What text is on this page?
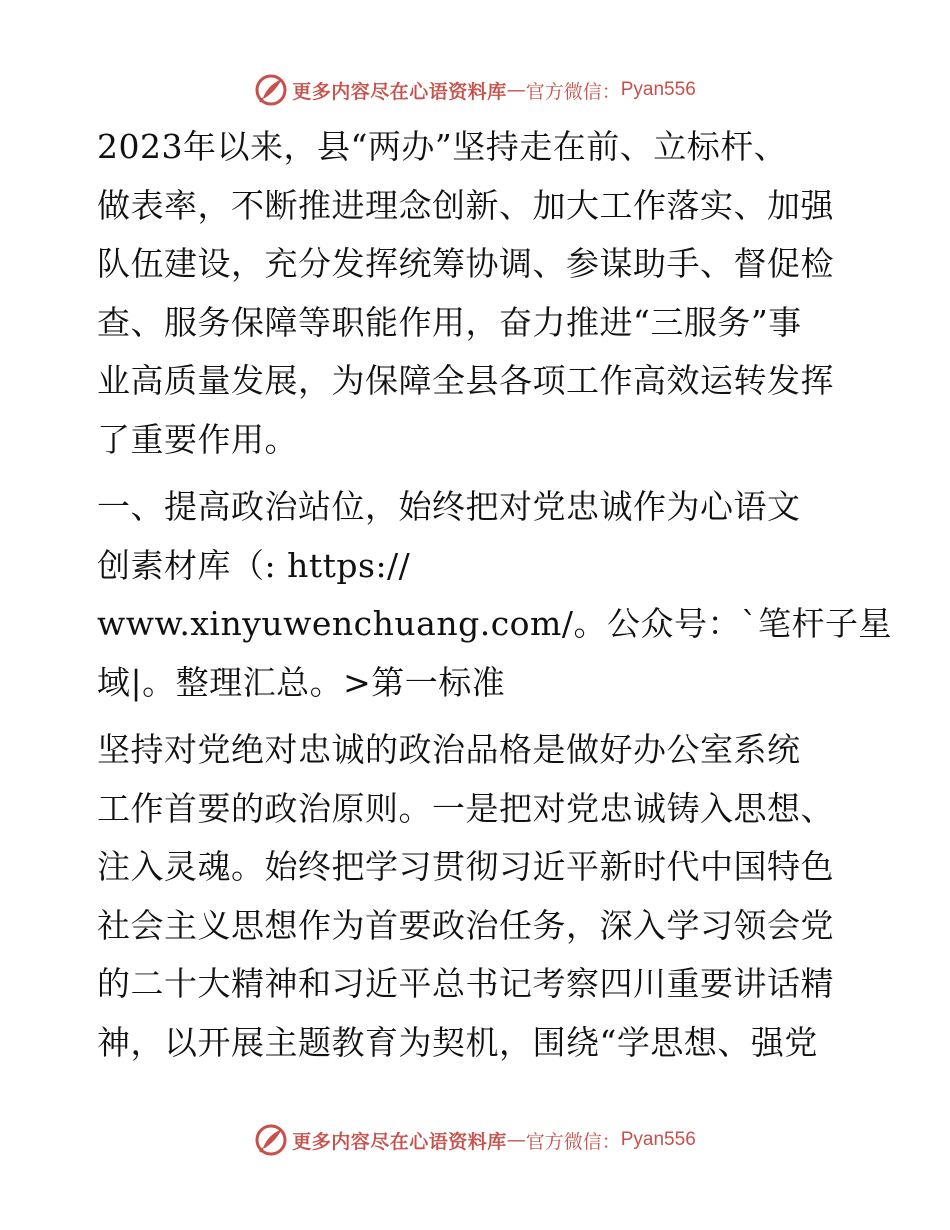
更多内容尽在心语资料库 — 官方微信： Pyan556
2023年以来，县“两办”坚持走在前、立标杆、
做表率，不断推进理念创新、加大工作落实、加强
队伍建设，充分发挥统筹协调、参谋助手、督促检
查、服务保障等职能作用，奋力推进“三服务”事
业高质量发展，为保障全县各项工作高效运转发挥
了重要作用。
一、提高政治站位，始终把对党忠诚作为心语文
创素材库（: https://
www.xinyuwenchuang.com/。公众号：`笔杆子星
域|。整理汇总。>第一标准
坚持对党绝对忠诚的政治品格是做好办公室系统
工作首要的政治原则。一是把对党忠诚铸入思想、
注入灵魂。始终把学习贯彻习近平新时代中国特色
社会主义思想作为首要政治任务，深入学习领会党
的二十大精神和习近平总书记考察四川重要讲话精
神，以开展主题教育为契机，围绕“学思想、强党
更多内容尽在心语资料库 — 官方微信： Pyan556
